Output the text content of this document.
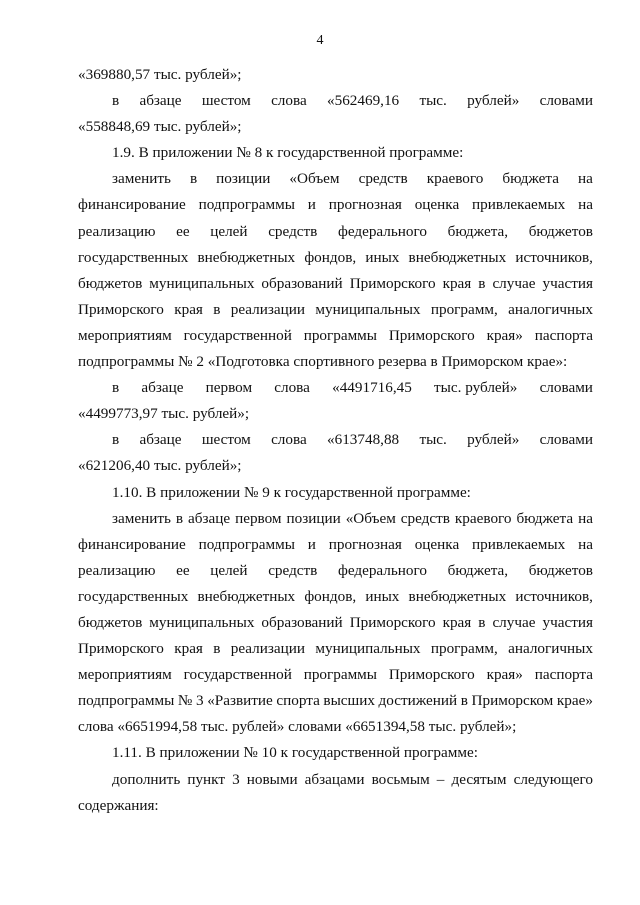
4
«369880,57 тыс. рублей»;
в абзаце шестом слова «562469,16 тыс. рублей» словами
«558848,69 тыс. рублей»;
1.9. В приложении № 8 к государственной программе:
заменить в позиции «Объем средств краевого бюджета на
финансирование подпрограммы и прогнозная оценка привлекаемых на
реализацию ее целей средств федерального бюджета, бюджетов
государственных внебюджетных фондов, иных внебюджетных источников,
бюджетов муниципальных образований Приморского края в случае участия
Приморского края в реализации муниципальных программ, аналогичных
мероприятиям государственной программы Приморского края» паспорта
подпрограммы № 2 «Подготовка спортивного резерва в Приморском крае»:
в абзаце первом слова «4491716,45 тыс. рублей» словами
«4499773,97 тыс. рублей»;
в абзаце шестом слова «613748,88 тыс. рублей» словами
«621206,40 тыс. рублей»;
1.10. В приложении № 9 к государственной программе:
заменить в абзаце первом позиции «Объем средств краевого бюджета на
финансирование подпрограммы и прогнозная оценка привлекаемых на
реализацию ее целей средств федерального бюджета, бюджетов
государственных внебюджетных фондов, иных внебюджетных источников,
бюджетов муниципальных образований Приморского края в случае участия
Приморского края в реализации муниципальных программ, аналогичных
мероприятиям государственной программы Приморского края» паспорта
подпрограммы № 3 «Развитие спорта высших достижений в Приморском крае»
слова «6651994,58 тыс. рублей» словами «6651394,58 тыс. рублей»;
1.11. В приложении № 10 к государственной программе:
дополнить пункт 3 новыми абзацами восьмым – десятым следующего
содержания:
